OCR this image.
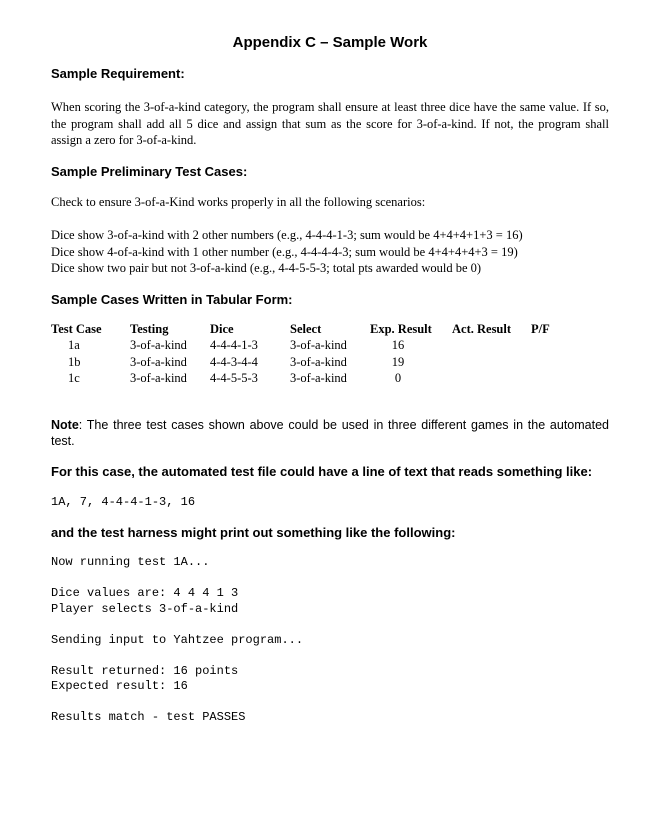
Appendix C – Sample Work

Sample Requirement:

When scoring the 3-of-a-kind category, the program shall ensure at least three dice have the same value. If so, the program shall add all 5 dice and assign that sum as the score for 3-of-a-kind. If not, the program shall assign a zero for 3-of-a-kind.

Sample Preliminary Test Cases:

Check to ensure 3-of-a-Kind works properly in all the following scenarios:

Dice show 3-of-a-kind with 2 other numbers (e.g., 4-4-4-1-3; sum would be 4+4+4+1+3 = 16)

Dice show 4-of-a-kind with 1 other number (e.g., 4-4-4-4-3; sum would be 4+4+4+4+3 = 19)

Dice show two pair but not 3-of-a-kind (e.g., 4-4-5-5-3; total pts awarded would be 0)

Sample Cases Written in Tabular Form:

Test Case	Testing	Dice	Select	Exp. Result	Act. Result	P/F
1a	3-of-a-kind	4-4-4-1-3	3-of-a-kind	16		
1b	3-of-a-kind	4-4-3-4-4	3-of-a-kind	19		
1c	3-of-a-kind	4-4-5-5-3	3-of-a-kind	0		

Note: The three test cases shown above could be used in three different games in the automated test.

For this case, the automated test file could have a line of text that reads something like:

1A, 7, 4-4-4-1-3, 16

and the test harness might print out something like the following:

Now running test 1A...

Dice values are: 4 4 4 1 3

Player selects 3-of-a-kind

Sending input to Yahtzee program...

Result returned: 16 points

Expected result: 16

Results match - test PASSES
